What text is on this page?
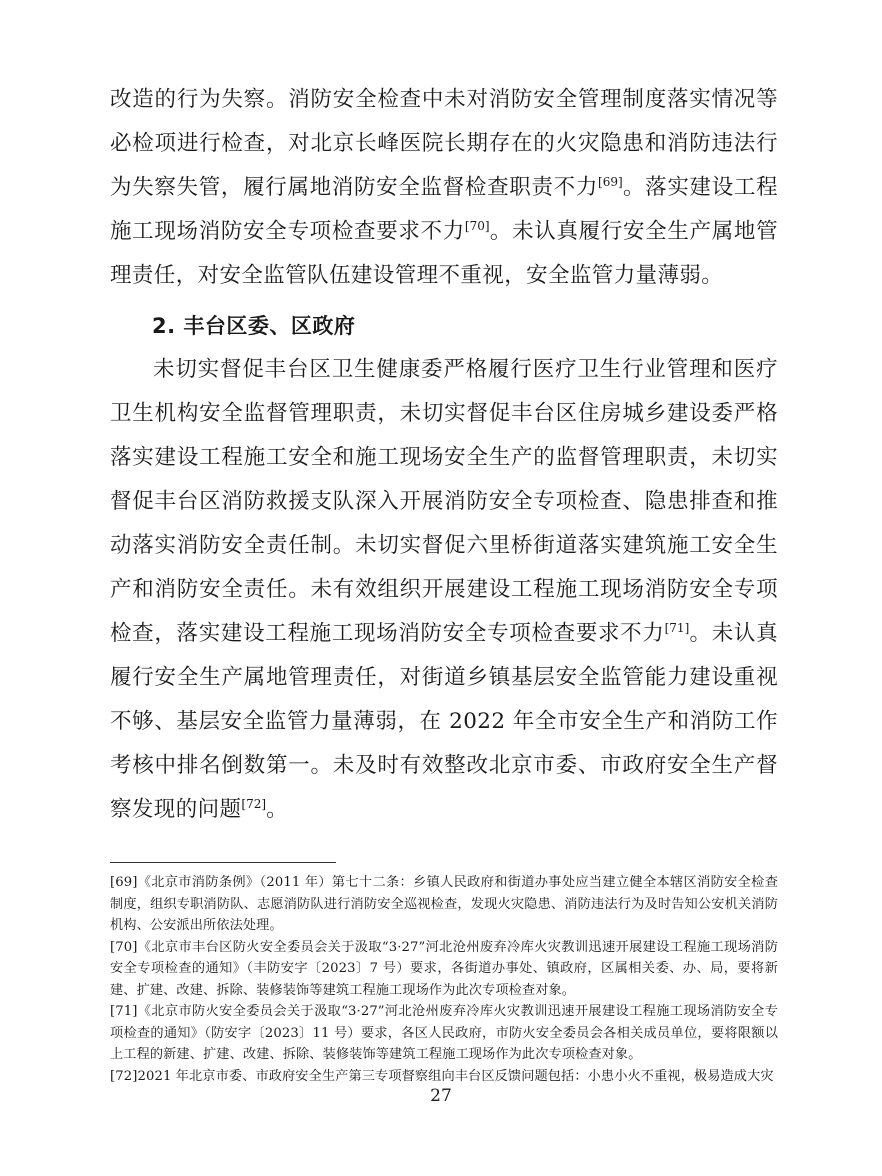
改造的行为失察。消防安全检查中未对消防安全管理制度落实情况等必检项进行检查，对北京长峰医院长期存在的火灾隐患和消防违法行为失察失管，履行属地消防安全监督检查职责不力[69]。落实建设工程施工现场消防安全专项检查要求不力[70]。未认真履行安全生产属地管理责任，对安全监管队伍建设管理不重视，安全监管力量薄弱。

2. 丰台区委、区政府

未切实督促丰台区卫生健康委严格履行医疗卫生行业管理和医疗卫生机构安全监督管理职责，未切实督促丰台区住房城乡建设委严格落实建设工程施工安全和施工现场安全生产的监督管理职责，未切实督促丰台区消防救援支队深入开展消防安全专项检查、隐患排查和推动落实消防安全责任制。未切实督促六里桥街道落实建筑施工安全生产和消防安全责任。未有效组织开展建设工程施工现场消防安全专项检查，落实建设工程施工现场消防安全专项检查要求不力[71]。未认真履行安全生产属地管理责任，对街道乡镇基层安全监管能力建设重视不够、基层安全监管力量薄弱，在 2022 年全市安全生产和消防工作考核中排名倒数第一。未及时有效整改北京市委、市政府安全生产督察发现的问题[72]。

[69]《北京市消防条例》（2011 年）第七十二条：乡镇人民政府和街道办事处应当建立健全本辖区消防安全检查制度，组织专职消防队、志愿消防队进行消防安全巡视检查，发现火灾隐患、消防违法行为及时告知公安机关消防机构、公安派出所依法处理。

[70]《北京市丰台区防火安全委员会关于汲取“3·27”河北沧州废弃冷库火灾教训迅速开展建设工程施工现场消防安全专项检查的通知》（丰防安字〔2023〕7 号）要求，各街道办事处、镇政府，区属相关委、办、局，要将新建、扩建、改建、拆除、装修装饰等建筑工程施工现场作为此次专项检查对象。

[71]《北京市防火安全委员会关于汲取“3·27”河北沧州废弃冷库火灾教训迅速开展建设工程施工现场消防安全专项检查的通知》（防安字〔2023〕11 号）要求，各区人民政府，市防火安全委员会各相关成员单位，要将限额以上工程的新建、扩建、改建、拆除、装修装饰等建筑工程施工现场作为此次专项检查对象。

[72]2021 年北京市委、市政府安全生产第三专项督察组向丰台区反馈问题包括：小患小火不重视，极易造成大灾

27
